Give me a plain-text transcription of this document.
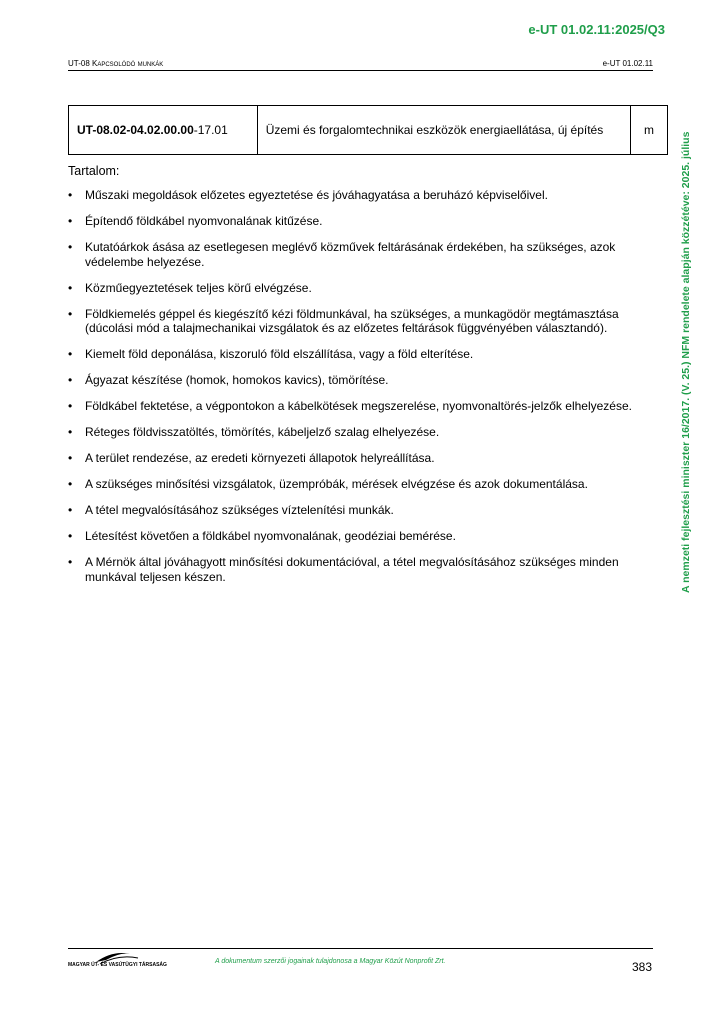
e-UT 01.02.11:2025/Q3
UT-08 Kapcsolódó munkák	e-UT 01.02.11
UT-08.02-04.02.00.00-17.01	Üzemi és forgalomtechnikai eszközök energiaellátása, új építés	m
Tartalom:
• Műszaki megoldások előzetes egyeztetése és jóváhagyatása a beruházó képviselőivel.
• Építendő földkábel nyomvonalának kitűzése.
• Kutatóárkok ásása az esetlegesen meglévő közművek feltárásának érdekében, ha szükséges, azok védelembe helyezése.
• Közműegyeztetések teljes körű elvégzése.
• Földkiemelés géppel és kiegészítő kézi földmunkával, ha szükséges, a munkagödör megtámasztása (dúcolási mód a talajmechanikai vizsgálatok és az előzetes feltárások függvényében választandó).
• Kiemelt föld deponálása, kiszoruló föld elszállítása, vagy a föld elterítése.
• Ágyazat készítése (homok, homokos kavics), tömörítése.
• Földkábel fektetése, a végpontokon a kábelkötések megszerelése, nyomvonaltörés-jelzők elhelyezése.
• Réteges földvisszatöltés, tömörítés, kábeljelző szalag elhelyezése.
• A terület rendezése, az eredeti környezeti állapotok helyreállítása.
• A szükséges minősítési vizsgálatok, üzempróbák, mérések elvégzése és azok dokumentálása.
• A tétel megvalósításához szükséges víztelenítési munkák.
• Létesítést követően a földkábel nyomvonalának, geodéziai bemérése.
• A Mérnök által jóváhagyott minősítési dokumentációval, a tétel megvalósításához szükséges minden munkával teljesen készen.	A nemzeti fejlesztési miniszter 16/2017. (V. 25.) NFM rendelete alapján közzétéve: 2025. július
MAGYAR ÚT- ÉS VASÚTÜGYI TÁRSASÁG	A dokumentum szerzői jogainak tulajdonosa a Magyar Közút Nonprofit Zrt.	383
